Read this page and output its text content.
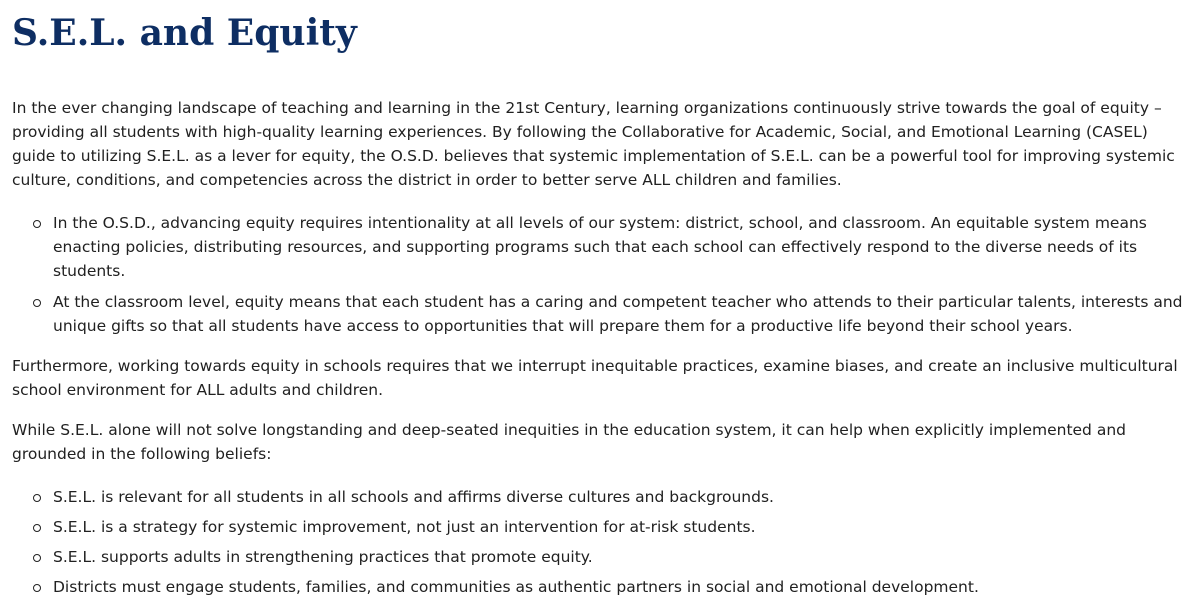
S.E.L. and Equity

In the ever changing landscape of teaching and learning in the 21st Century, learning organizations continuously strive towards the goal of equity – providing all students with high-quality learning experiences. By following the Collaborative for Academic, Social, and Emotional Learning (CASEL) guide to utilizing S.E.L. as a lever for equity, the O.S.D. believes that systemic implementation of S.E.L. can be a powerful tool for improving systemic culture, conditions, and competencies across the district in order to better serve ALL children and families.

In the O.S.D., advancing equity requires intentionality at all levels of our system: district, school, and classroom. An equitable system means enacting policies, distributing resources, and supporting programs such that each school can effectively respond to the diverse needs of its students.
At the classroom level, equity means that each student has a caring and competent teacher who attends to their particular talents, interests and unique gifts so that all students have access to opportunities that will prepare them for a productive life beyond their school years.

Furthermore, working towards equity in schools requires that we interrupt inequitable practices, examine biases, and create an inclusive multicultural school environment for ALL adults and children.

While S.E.L. alone will not solve longstanding and deep-seated inequities in the education system, it can help when explicitly implemented and grounded in the following beliefs:

S.E.L. is relevant for all students in all schools and affirms diverse cultures and backgrounds.
S.E.L. is a strategy for systemic improvement, not just an intervention for at-risk students.
S.E.L. supports adults in strengthening practices that promote equity.
Districts must engage students, families, and communities as authentic partners in social and emotional development.
